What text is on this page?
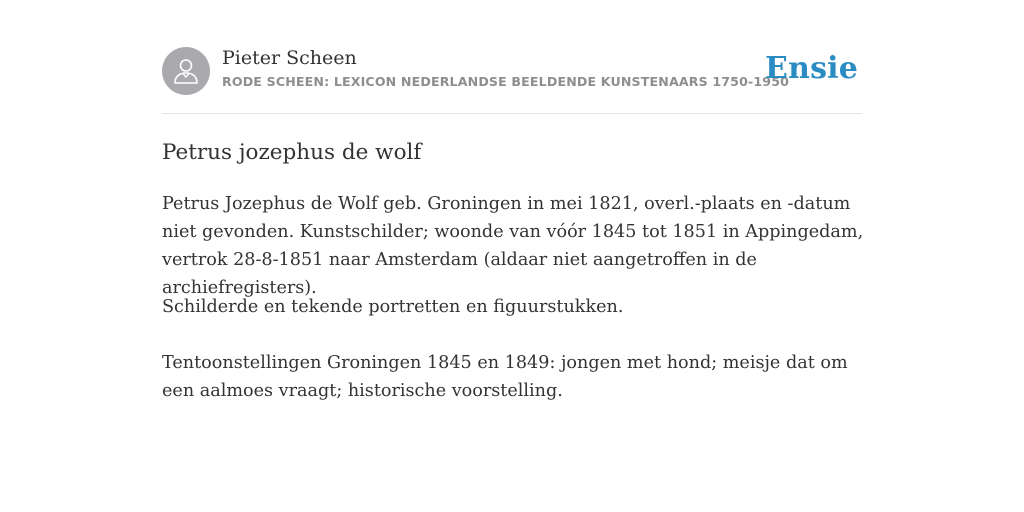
Pieter Scheen
RODE SCHEEN: LEXICON NEDERLANDSE BEELDENDE KUNSTENAARS 1750-1950
Ensie
Petrus jozephus de wolf

Petrus Jozephus de Wolf geb. Groningen in mei 1821, overl.-plaats en -datum niet gevonden. Kunstschilder; woonde van vóór 1845 tot 1851 in Appingedam, vertrok 28-8-1851 naar Amsterdam (aldaar niet aangetroffen in de archiefregisters).

Schilderde en tekende portretten en figuurstukken.

Tentoonstellingen Groningen 1845 en 1849: jongen met hond; meisje dat om een aalmoes vraagt; historische voorstelling.
